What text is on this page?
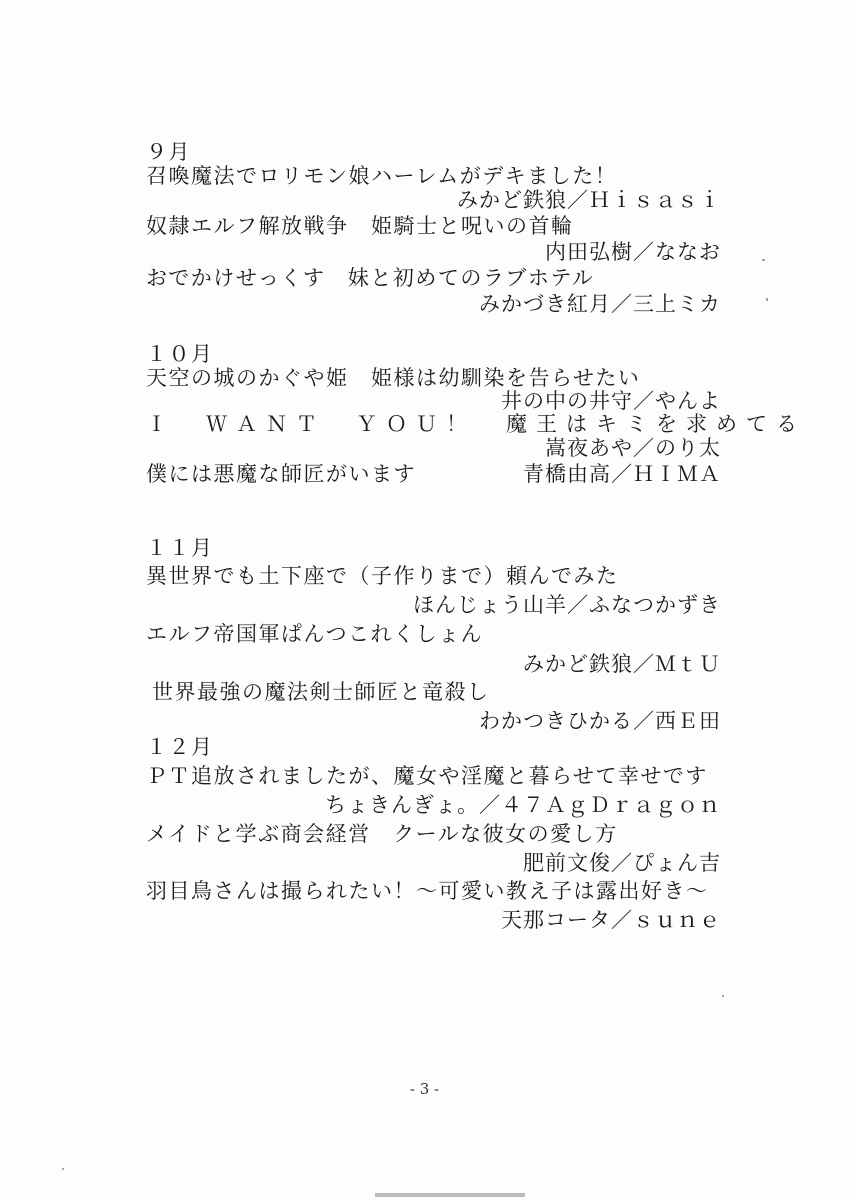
９月

召喚魔法でロリモン娘ハーレムがデキました！

みかど鉄狼／Ｈｉｓａｓｉ

奴隷エルフ解放戦争　姫騎士と呪いの首輪

内田弘樹／ななお

おでかけせっくす　妹と初めてのラブホテル

みかづき紅月／三上ミカ

１０月

天空の城のかぐや姫　姫様は幼馴染を告らせたい

井の中の井守／やんよ

Ｉ　ＷＡＮＴ　ＹＯＵ！　魔王はキミを求めてる

嵩夜あや／のり太

僕には悪魔な師匠がいます	青橋由高／ＨＩＭＡ

１１月

異世界でも土下座で（子作りまで）頼んでみた

ほんじょう山羊／ふなつかずき

エルフ帝国軍ぱんつこれくしょん

みかど鉄狼／ＭｔＵ

世界最強の魔法剣士師匠と竜殺し

わかつきひかる／西Ｅ田

１２月

ＰＴ追放されましたが、魔女や淫魔と暮らせて幸せです

ちょきんぎょ。／４７ＡｇＤｒａｇｏｎ

メイドと学ぶ商会経営　クールな彼女の愛し方

肥前文俊／ぴょん吉

羽目鳥さんは撮られたい！～可愛い教え子は露出好き～

天那コータ／ｓｕｎｅ

- 3 -
